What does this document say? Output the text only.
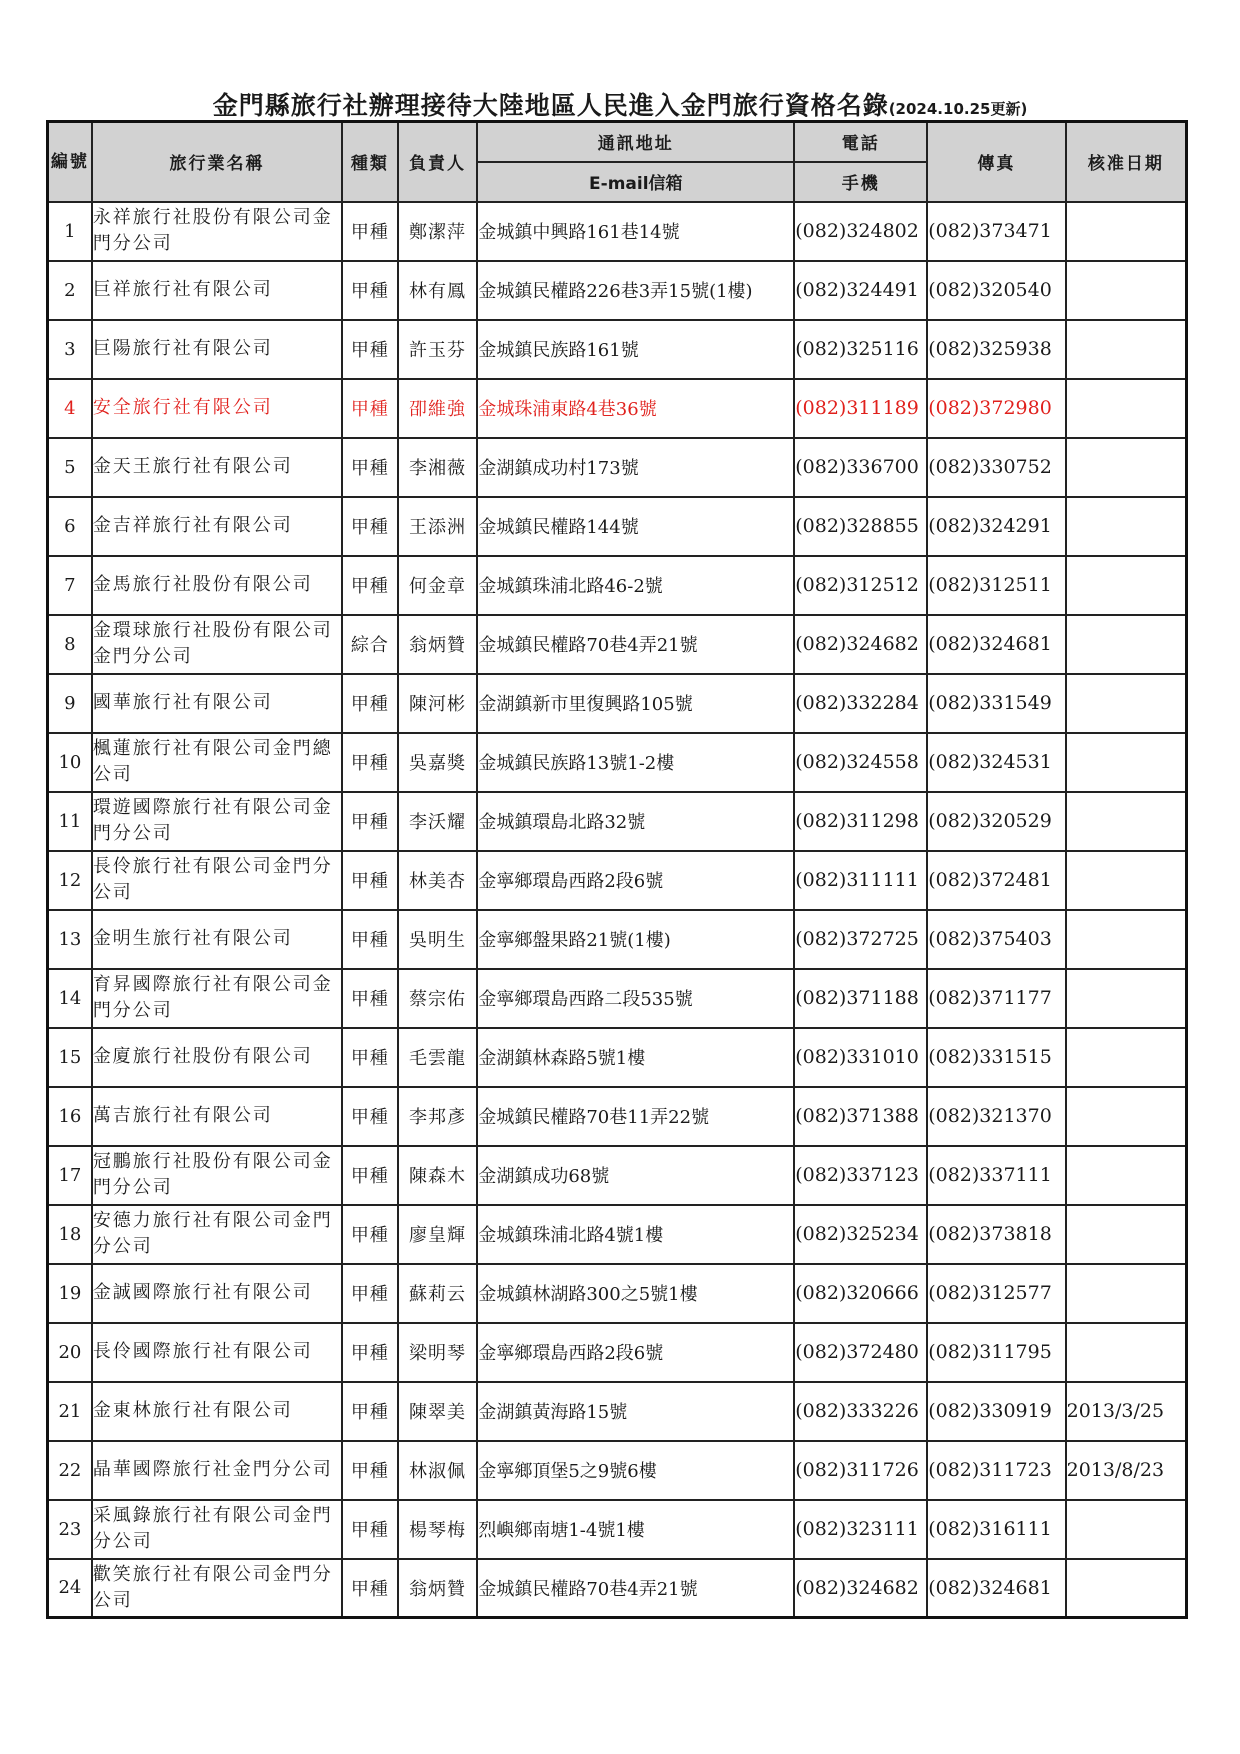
金門縣旅行社辦理接待大陸地區人民進入金門旅行資格名錄(2024.10.25更新)
編號	旅行業名稱	種類	負責人	通訊地址	電話	傳真	核准日期
				E-mail信箱	手機		
1	永祥旅行社股份有限公司金門分公司	甲種	鄭潔萍	金城鎮中興路161巷14號	(082)324802	(082)373471	
2	巨祥旅行社有限公司	甲種	林有鳳	金城鎮民權路226巷3弄15號(1樓)	(082)324491	(082)320540	
3	巨陽旅行社有限公司	甲種	許玉芬	金城鎮民族路161號	(082)325116	(082)325938	
4	安全旅行社有限公司	甲種	卲維強	金城珠浦東路4巷36號	(082)311189	(082)372980	
5	金天王旅行社有限公司	甲種	李湘薇	金湖鎮成功村173號	(082)336700	(082)330752	
6	金吉祥旅行社有限公司	甲種	王添洲	金城鎮民權路144號	(082)328855	(082)324291	
7	金馬旅行社股份有限公司	甲種	何金章	金城鎮珠浦北路46-2號	(082)312512	(082)312511	
8	金環球旅行社股份有限公司金門分公司	綜合	翁炳贊	金城鎮民權路70巷4弄21號	(082)324682	(082)324681	
9	國華旅行社有限公司	甲種	陳河彬	金湖鎮新市里復興路105號	(082)332284	(082)331549	
10	楓蓮旅行社有限公司金門總公司	甲種	吳嘉獎	金城鎮民族路13號1-2樓	(082)324558	(082)324531	
11	環遊國際旅行社有限公司金門分公司	甲種	李沃耀	金城鎮環島北路32號	(082)311298	(082)320529	
12	長伶旅行社有限公司金門分公司	甲種	林美杏	金寧鄉環島西路2段6號	(082)311111	(082)372481	
13	金明生旅行社有限公司	甲種	吳明生	金寧鄉盤果路21號(1樓)	(082)372725	(082)375403	
14	育昇國際旅行社有限公司金門分公司	甲種	蔡宗佑	金寧鄉環島西路二段535號	(082)371188	(082)371177	
15	金廈旅行社股份有限公司	甲種	毛雲龍	金湖鎮林森路5號1樓	(082)331010	(082)331515	
16	萬吉旅行社有限公司	甲種	李邦彥	金城鎮民權路70巷11弄22號	(082)371388	(082)321370	
17	冠鵬旅行社股份有限公司金門分公司	甲種	陳森木	金湖鎮成功68號	(082)337123	(082)337111	
18	安德力旅行社有限公司金門分公司	甲種	廖皇輝	金城鎮珠浦北路4號1樓	(082)325234	(082)373818	
19	金誠國際旅行社有限公司	甲種	蘇莉云	金城鎮林湖路300之5號1樓	(082)320666	(082)312577	
20	長伶國際旅行社有限公司	甲種	梁明琴	金寧鄉環島西路2段6號	(082)372480	(082)311795	
21	金東林旅行社有限公司	甲種	陳翠美	金湖鎮黃海路15號	(082)333226	(082)330919	2013/3/25
22	晶華國際旅行社金門分公司	甲種	林淑佩	金寧鄉頂堡5之9號6樓	(082)311726	(082)311723	2013/8/23
23	采風錄旅行社有限公司金門分公司	甲種	楊琴梅	烈嶼鄉南塘1-4號1樓	(082)323111	(082)316111	
24	歡笑旅行社有限公司金門分公司	甲種	翁炳贊	金城鎮民權路70巷4弄21號	(082)324682	(082)324681	
